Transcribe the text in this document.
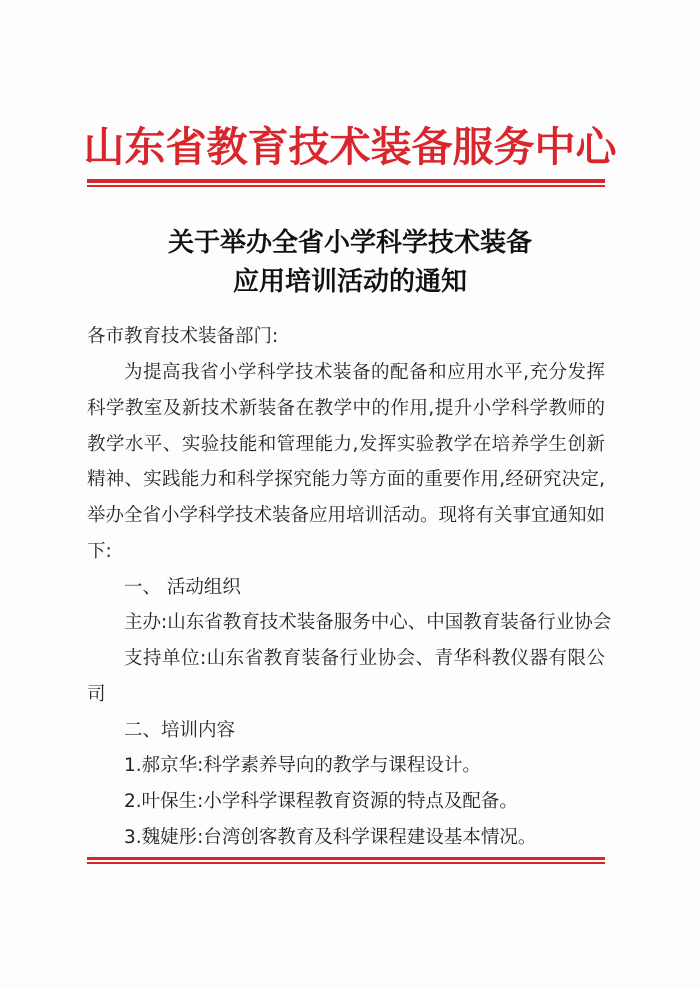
山东省教育技术装备服务中心
关于举办全省小学科学技术装备
应用培训活动的通知
各市教育技术装备部门:
为提高我省小学科学技术装备的配备和应用水平,充分发挥
科学教室及新技术新装备在教学中的作用,提升小学科学教师的
教学水平、实验技能和管理能力,发挥实验教学在培养学生创新
精神、实践能力和科学探究能力等方面的重要作用,经研究决定,
举办全省小学科学技术装备应用培训活动。现将有关事宜通知如
下:
一、 活动组织
主办:山东省教育技术装备服务中心、中国教育装备行业协会
支持单位:山东省教育装备行业协会、青华科教仪器有限公
司
二、培训内容
1.郝京华:科学素养导向的教学与课程设计。
2.叶保生:小学科学课程教育资源的特点及配备。
3.魏婕彤:台湾创客教育及科学课程建设基本情况。
